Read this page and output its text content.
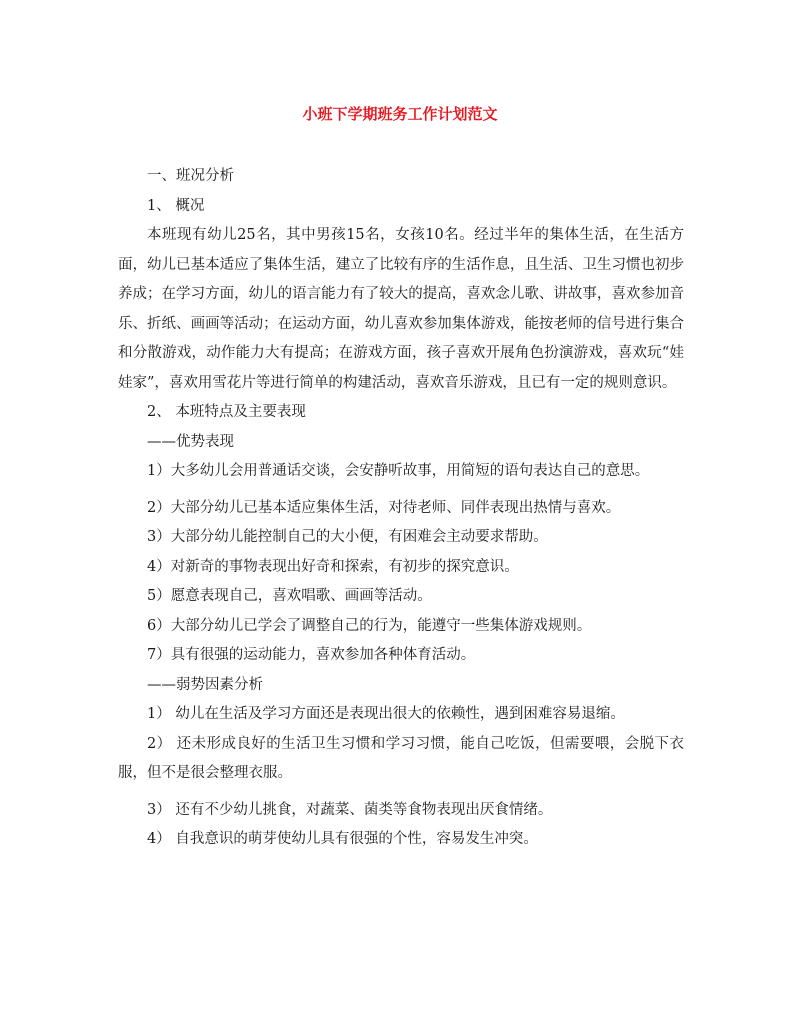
小班下学期班务工作计划范文

一、班况分析

1、 概况

本班现有幼儿25名，其中男孩15名，女孩10名。经过半年的集体生活，在生活方面，幼儿已基本适应了集体生活，建立了比较有序的生活作息，且生活、卫生习惯也初步养成；在学习方面，幼儿的语言能力有了较大的提高，喜欢念儿歌、讲故事，喜欢参加音乐、折纸、画画等活动；在运动方面，幼儿喜欢参加集体游戏，能按老师的信号进行集合和分散游戏，动作能力大有提高；在游戏方面，孩子喜欢开展角色扮演游戏，喜欢玩“娃娃家”，喜欢用雪花片等进行简单的构建活动，喜欢音乐游戏，且已有一定的规则意识。

2、 本班特点及主要表现

——优势表现

1）大多幼儿会用普通话交谈，会安静听故事，用简短的语句表达自己的意思。

2）大部分幼儿已基本适应集体生活，对待老师、同伴表现出热情与喜欢。

3）大部分幼儿能控制自己的大小便，有困难会主动要求帮助。

4）对新奇的事物表现出好奇和探索，有初步的探究意识。

5）愿意表现自己，喜欢唱歌、画画等活动。

6）大部分幼儿已学会了调整自己的行为，能遵守一些集体游戏规则。

7）具有很强的运动能力，喜欢参加各种体育活动。

——弱势因素分析

1） 幼儿在生活及学习方面还是表现出很大的依赖性，遇到困难容易退缩。

2） 还未形成良好的生活卫生习惯和学习习惯，能自己吃饭，但需要喂，会脱下衣服，但不是很会整理衣服。

3） 还有不少幼儿挑食，对蔬菜、菌类等食物表现出厌食情绪。

4） 自我意识的萌芽使幼儿具有很强的个性，容易发生冲突。
